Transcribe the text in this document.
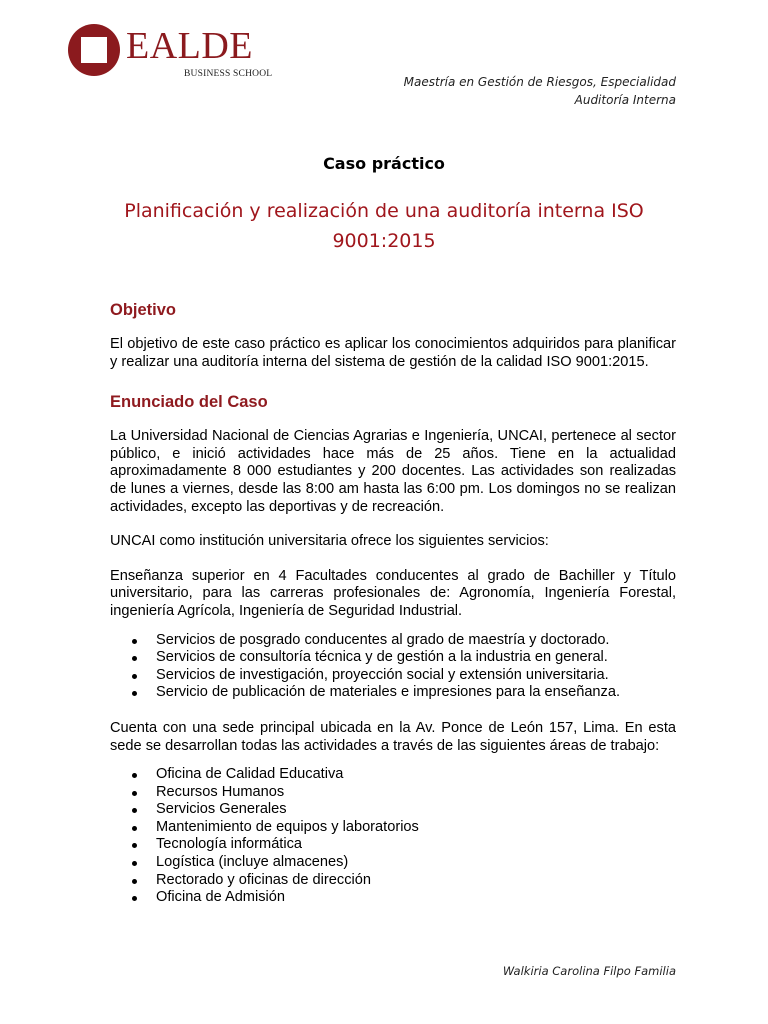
EALDE
BUSINESS SCHOOL
Maestría en Gestión de Riesgos, Especialidad
Auditoría Interna
Caso práctico
Planificación y realización de una auditoría interna ISO 9001:2015
Objetivo

El objetivo de este caso práctico es aplicar los conocimientos adquiridos para planificar y realizar una auditoría interna del sistema de gestión de la calidad ISO 9001:2015.

Enunciado del Caso

La Universidad Nacional de Ciencias Agrarias e Ingeniería, UNCAI, pertenece al sector público, e inició actividades hace más de 25 años. Tiene en la actualidad aproximadamente 8 000 estudiantes y 200 docentes. Las actividades son realizadas de lunes a viernes, desde las 8:00 am hasta las 6:00 pm. Los domingos no se realizan actividades, excepto las deportivas y de recreación.

UNCAI como institución universitaria ofrece los siguientes servicios:

Enseñanza superior en 4 Facultades conducentes al grado de Bachiller y Título universitario, para las carreras profesionales de: Agronomía, Ingeniería Forestal, ingeniería Agrícola, Ingeniería de Seguridad Industrial.

Servicios de posgrado conducentes al grado de maestría y doctorado.
Servicios de consultoría técnica y de gestión a la industria en general.
Servicios de investigación, proyección social y extensión universitaria.
Servicio de publicación de materiales e impresiones para la enseñanza.

Cuenta con una sede principal ubicada en la Av. Ponce de León 157, Lima. En esta sede se desarrollan todas las actividades a través de las siguientes áreas de trabajo:

Oficina de Calidad Educativa
Recursos Humanos
Servicios Generales
Mantenimiento de equipos y laboratorios
Tecnología informática
Logística (incluye almacenes)
Rectorado y oficinas de dirección
Oficina de Admisión
Walkiria Carolina Filpo Familia
